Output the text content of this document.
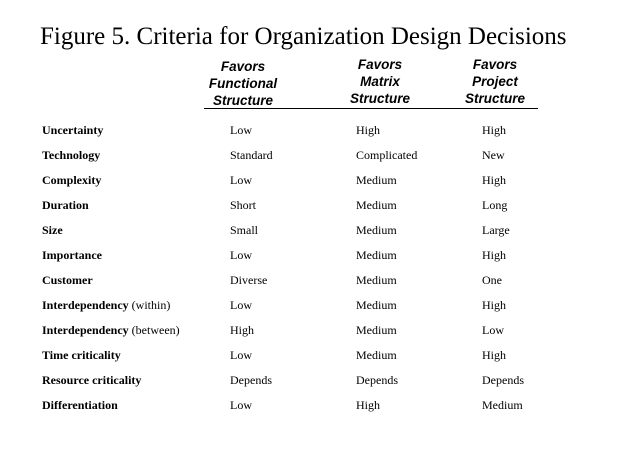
Figure 5. Criteria for Organization Design Decisions
Favors
Functional
Structure
Favors
Matrix
Structure
Favors
Project
Structure
Uncertainty	Low	High	High
Technology	Standard	Complicated	New
Complexity	Low	Medium	High
Duration	Short	Medium	Long
Size	Small	Medium	Large
Importance	Low	Medium	High
Customer	Diverse	Medium	One
Interdependency (within)	Low	Medium	High
Interdependency (between)	High	Medium	Low
Time criticality	Low	Medium	High
Resource criticality	Depends	Depends	Depends
Differentiation	Low	High	Medium
